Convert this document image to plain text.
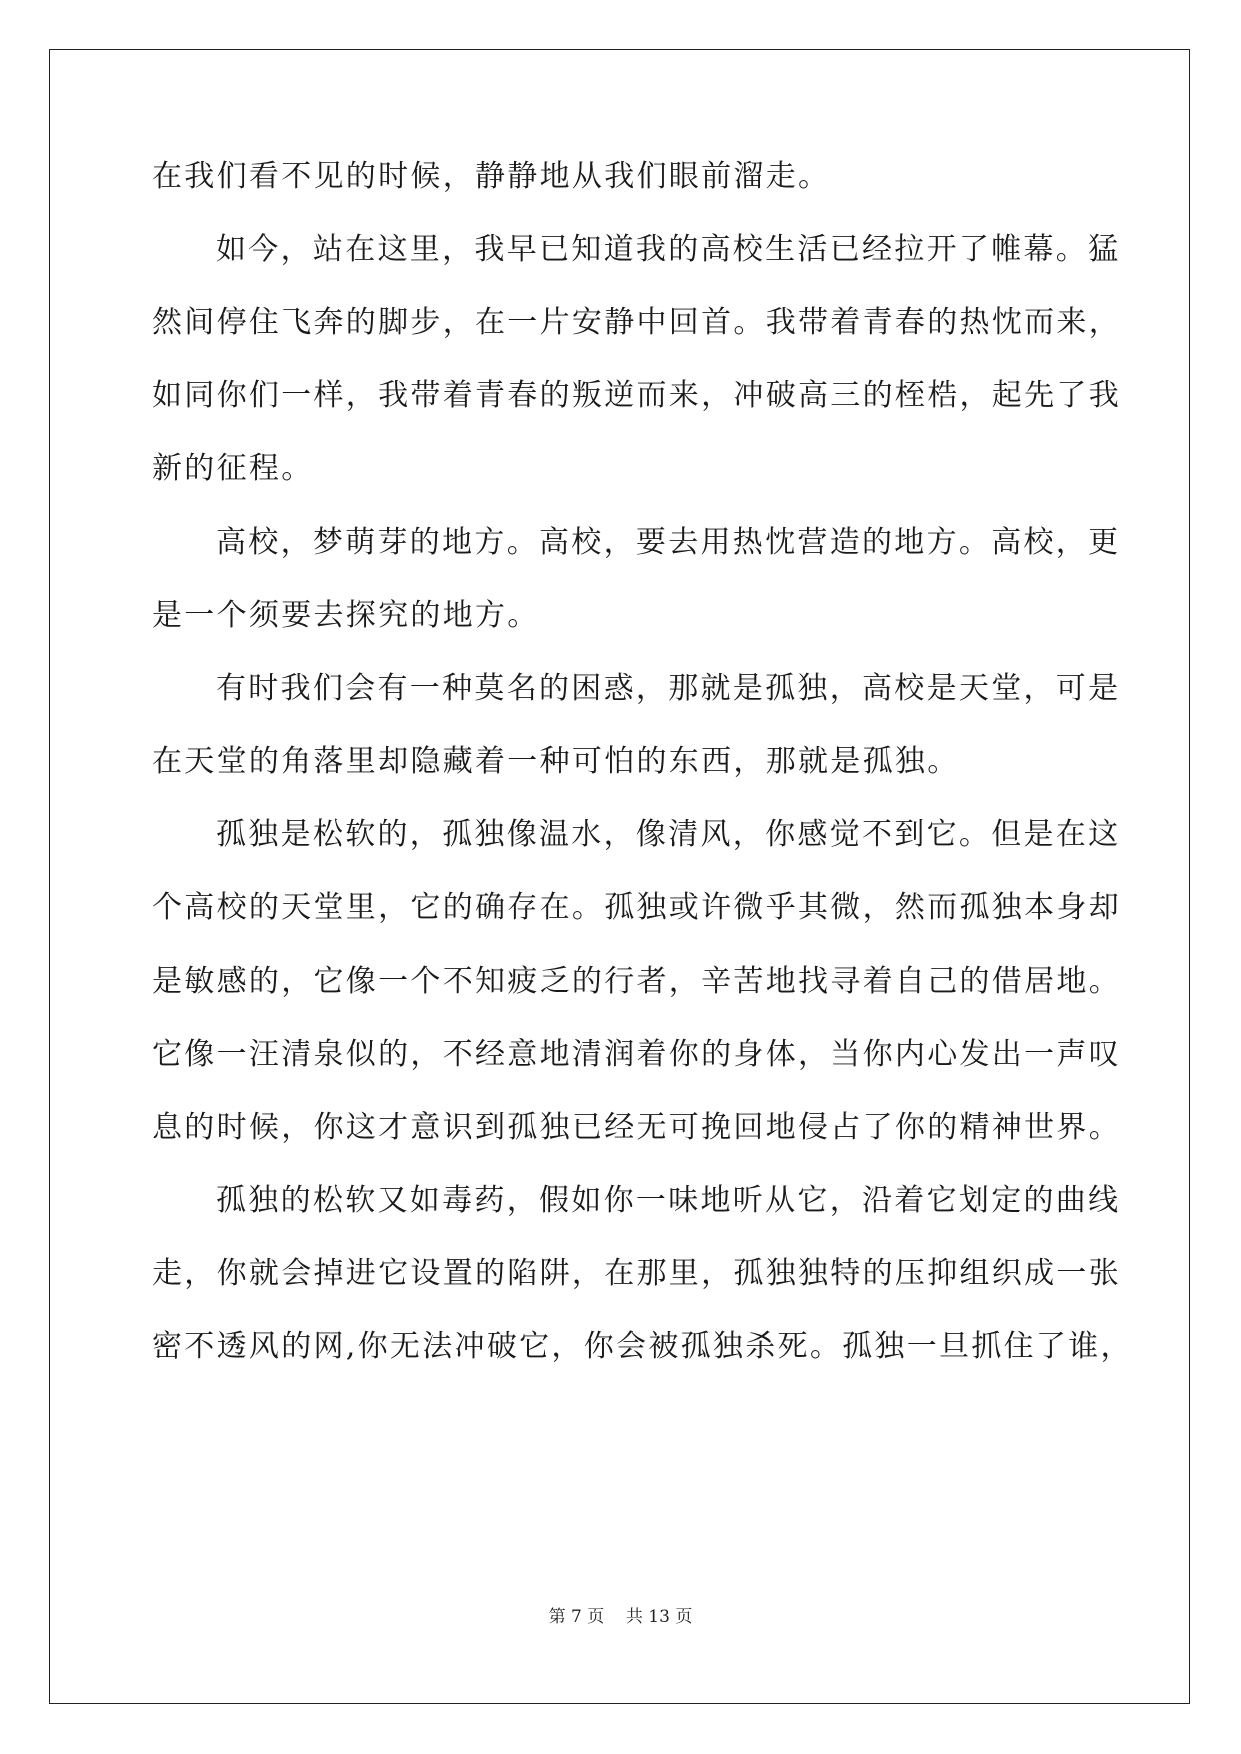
在我们看不见的时候，静静地从我们眼前溜走。
如今，站在这里，我早已知道我的高校生活已经拉开了帷幕。猛
然间停住飞奔的脚步，在一片安静中回首。我带着青春的热忱而来，
如同你们一样，我带着青春的叛逆而来，冲破高三的桎梏，起先了我
新的征程。
高校，梦萌芽的地方。高校，要去用热忱营造的地方。高校，更
是一个须要去探究的地方。
有时我们会有一种莫名的困惑，那就是孤独，高校是天堂，可是
在天堂的角落里却隐藏着一种可怕的东西，那就是孤独。
孤独是松软的，孤独像温水，像清风，你感觉不到它。但是在这
个高校的天堂里，它的确存在。孤独或许微乎其微，然而孤独本身却
是敏感的，它像一个不知疲乏的行者，辛苦地找寻着自己的借居地。
它像一汪清泉似的，不经意地清润着你的身体，当你内心发出一声叹
息的时候，你这才意识到孤独已经无可挽回地侵占了你的精神世界。
孤独的松软又如毒药，假如你一味地听从它，沿着它划定的曲线
走，你就会掉进它设置的陷阱，在那里，孤独独特的压抑组织成一张
密不透风的网,你无法冲破它，你会被孤独杀死。孤独一旦抓住了谁，
第 7 页 共 13 页
